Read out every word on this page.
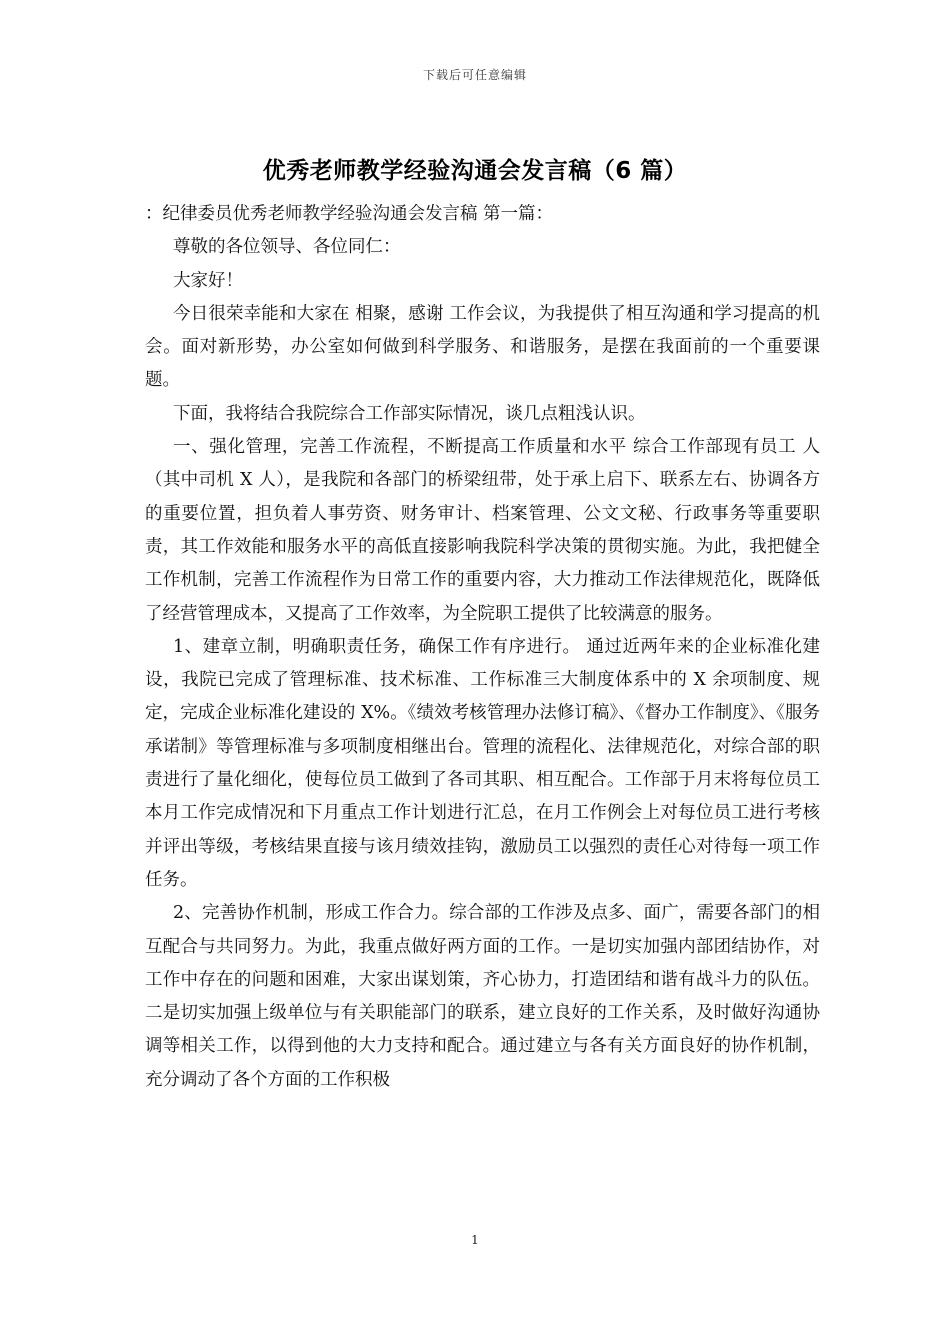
下载后可任意编辑
优秀老师教学经验沟通会发言稿（6 篇）

：纪律委员优秀老师教学经验沟通会发言稿 第一篇：

尊敬的各位领导、各位同仁：

大家好！

今日很荣幸能和大家在 相聚，感谢 工作会议，为我提供了相互沟通和学习提高的机会。面对新形势，办公室如何做到科学服务、和谐服务，是摆在我面前的一个重要课题。

下面，我将结合我院综合工作部实际情况，谈几点粗浅认识。

一、强化管理，完善工作流程，不断提高工作质量和水平 综合工作部现有员工 人（其中司机 X 人），是我院和各部门的桥梁纽带，处于承上启下、联系左右、协调各方的重要位置，担负着人事劳资、财务审计、档案管理、公文文秘、行政事务等重要职责，其工作效能和服务水平的高低直接影响我院科学决策的贯彻实施。为此，我把健全工作机制，完善工作流程作为日常工作的重要内容，大力推动工作法律规范化，既降低了经营管理成本，又提高了工作效率，为全院职工提供了比较满意的服务。

1、建章立制，明确职责任务，确保工作有序进行。 通过近两年来的企业标准化建设，我院已完成了管理标准、技术标准、工作标准三大制度体系中的 X 余项制度、规定，完成企业标准化建设的 X%。《绩效考核管理办法修订稿》、《督办工作制度》、《服务承诺制》等管理标准与多项制度相继出台。管理的流程化、法律规范化，对综合部的职责进行了量化细化，使每位员工做到了各司其职、相互配合。工作部于月末将每位员工本月工作完成情况和下月重点工作计划进行汇总，在月工作例会上对每位员工进行考核并评出等级，考核结果直接与该月绩效挂钩，激励员工以强烈的责任心对待每一项工作任务。

2、完善协作机制，形成工作合力。综合部的工作涉及点多、面广，需要各部门的相互配合与共同努力。为此，我重点做好两方面的工作。一是切实加强内部团结协作，对工作中存在的问题和困难，大家出谋划策，齐心协力，打造团结和谐有战斗力的队伍。二是切实加强上级单位与有关职能部门的联系，建立良好的工作关系，及时做好沟通协调等相关工作，以得到他的大力支持和配合。通过建立与各有关方面良好的协作机制，充分调动了各个方面的工作积极

1
